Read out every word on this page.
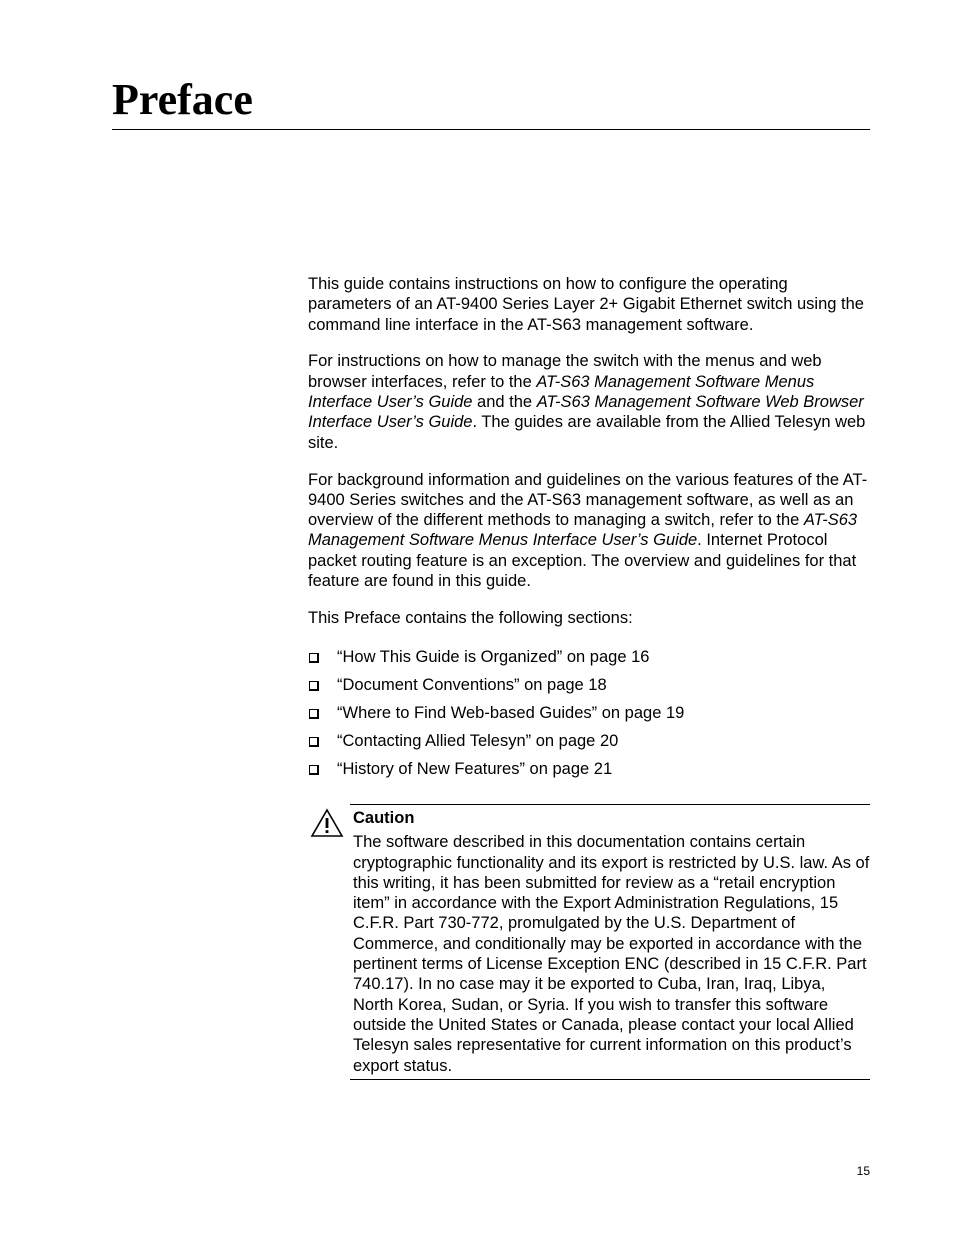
Preface

This guide contains instructions on how to configure the operating parameters of an AT-9400 Series Layer 2+ Gigabit Ethernet switch using the command line interface in the AT-S63 management software.

For instructions on how to manage the switch with the menus and web browser interfaces, refer to the AT-S63 Management Software Menus Interface User’s Guide and the AT-S63 Management Software Web Browser Interface User’s Guide. The guides are available from the Allied Telesyn web site.

For background information and guidelines on the various features of the AT-9400 Series switches and the AT-S63 management software, as well as an overview of the different methods to managing a switch, refer to the AT-S63 Management Software Menus Interface User’s Guide. Internet Protocol packet routing feature is an exception. The overview and guidelines for that feature are found in this guide.

This Preface contains the following sections:

“How This Guide is Organized” on page 16
“Document Conventions” on page 18
“Where to Find Web-based Guides” on page 19
“Contacting Allied Telesyn” on page 20
“History of New Features” on page 21

Caution

The software described in this documentation contains certain cryptographic functionality and its export is restricted by U.S. law. As of this writing, it has been submitted for review as a “retail encryption item” in accordance with the Export Administration Regulations, 15 C.F.R. Part 730-772, promulgated by the U.S. Department of Commerce, and conditionally may be exported in accordance with the pertinent terms of License Exception ENC (described in 15 C.F.R. Part 740.17). In no case may it be exported to Cuba, Iran, Iraq, Libya, North Korea, Sudan, or Syria. If you wish to transfer this software outside the United States or Canada, please contact your local Allied Telesyn sales representative for current information on this product’s export status.

15
